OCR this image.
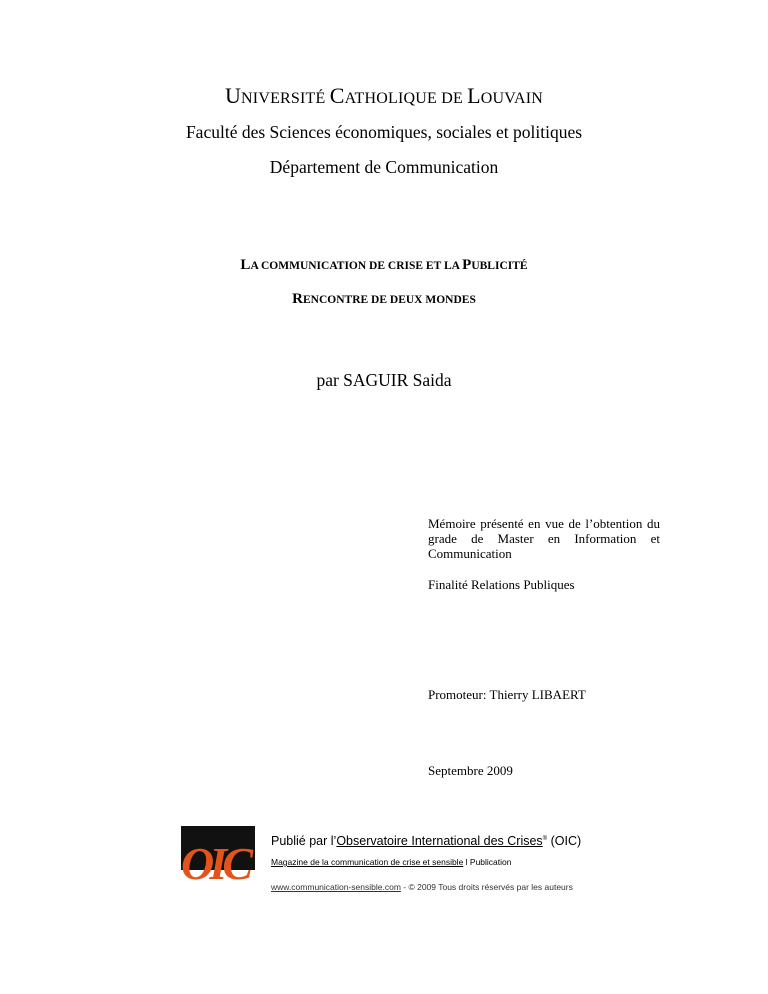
UNIVERSITÉ CATHOLIQUE DE LOUVAIN
Faculté des Sciences économiques, sociales et politiques
Département de Communication
LA COMMUNICATION DE CRISE ET LA PUBLICITÉ
RENCONTRE DE DEUX MONDES
par SAGUIR Saida
Mémoire présenté en vue de l’obtention du grade de Master en Information et Communication
Finalité Relations Publiques
Promoteur: Thierry LIBAERT
Septembre 2009
OIC Publié par l’Observatoire International des Crises® (OIC)
Magazine de la communication de crise et sensible l Publication
www.communication-sensible.com - © 2009 Tous droits réservés par les auteurs
